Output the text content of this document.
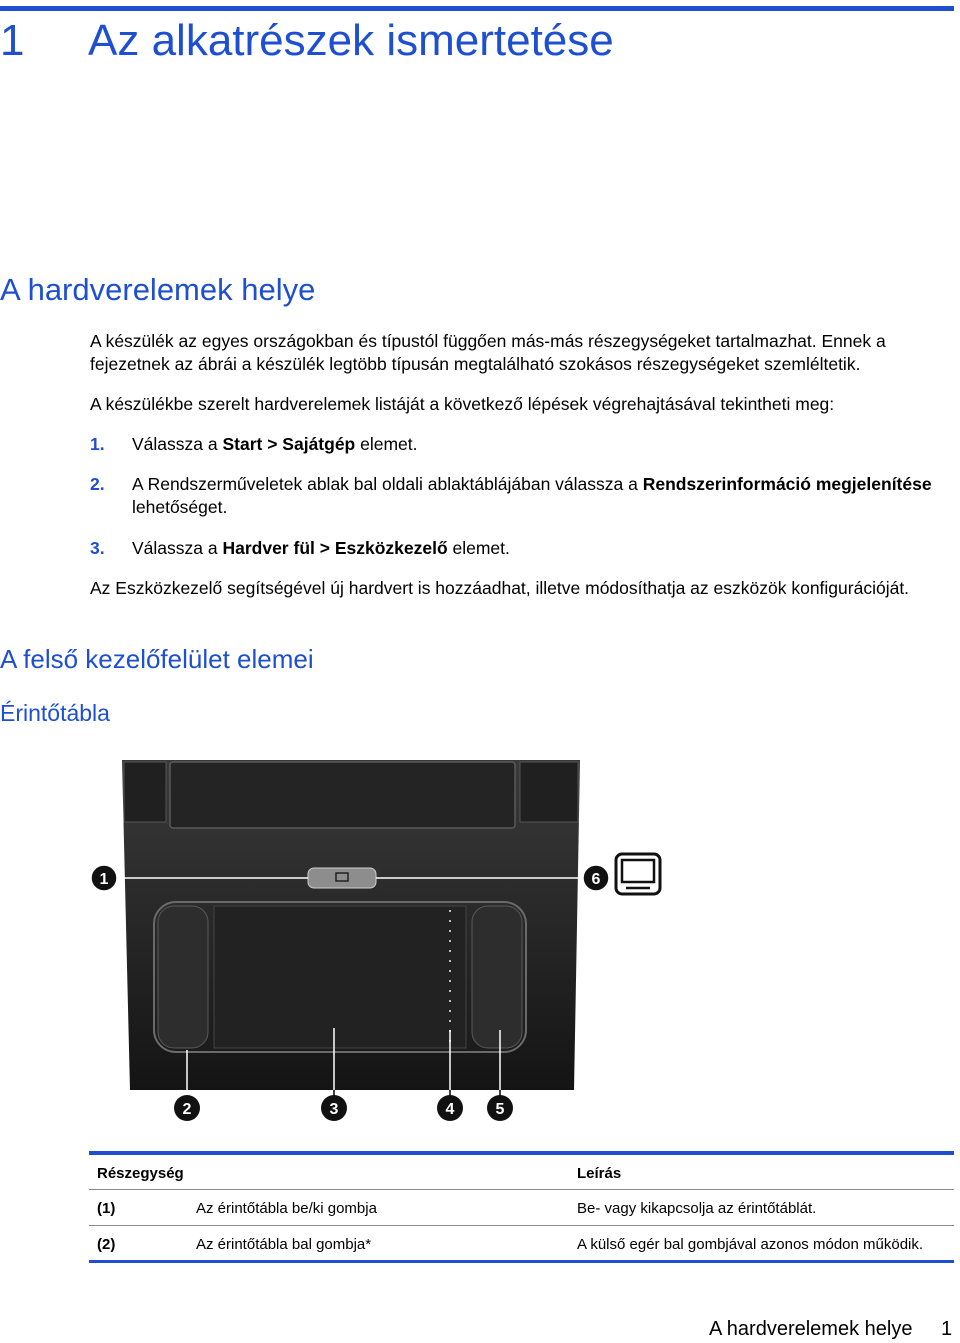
1 Az alkatrészek ismertetése
A hardverelemek helye
A készülék az egyes országokban és típustól függően más-más részegységeket tartalmazhat. Ennek a fejezetnek az ábrái a készülék legtöbb típusán megtalálható szokásos részegységeket szemléltetik.
A készülékbe szerelt hardverelemek listáját a következő lépések végrehajtásával tekintheti meg:
1. Válassza a Start > Sajátgép elemet.
2. A Rendszerműveletek ablak bal oldali ablaktáblájában válassza a Rendszerinformáció megjelenítése lehetőséget.
3. Válassza a Hardver fül > Eszközkezelő elemet.
Az Eszközkezelő segítségével új hardvert is hozzáadhat, illetve módosíthatja az eszközök konfigurációját.
A felső kezelőfelület elemei
Érintőtábla
1
2	3	4	5
6
Részegység	Leírás
(1)	Az érintőtábla be/ki gombja	Be- vagy kikapcsolja az érintőtáblát.
(2)	Az érintőtábla bal gombja*	A külső egér bal gombjával azonos módon működik.
A hardverelemek helye 1
